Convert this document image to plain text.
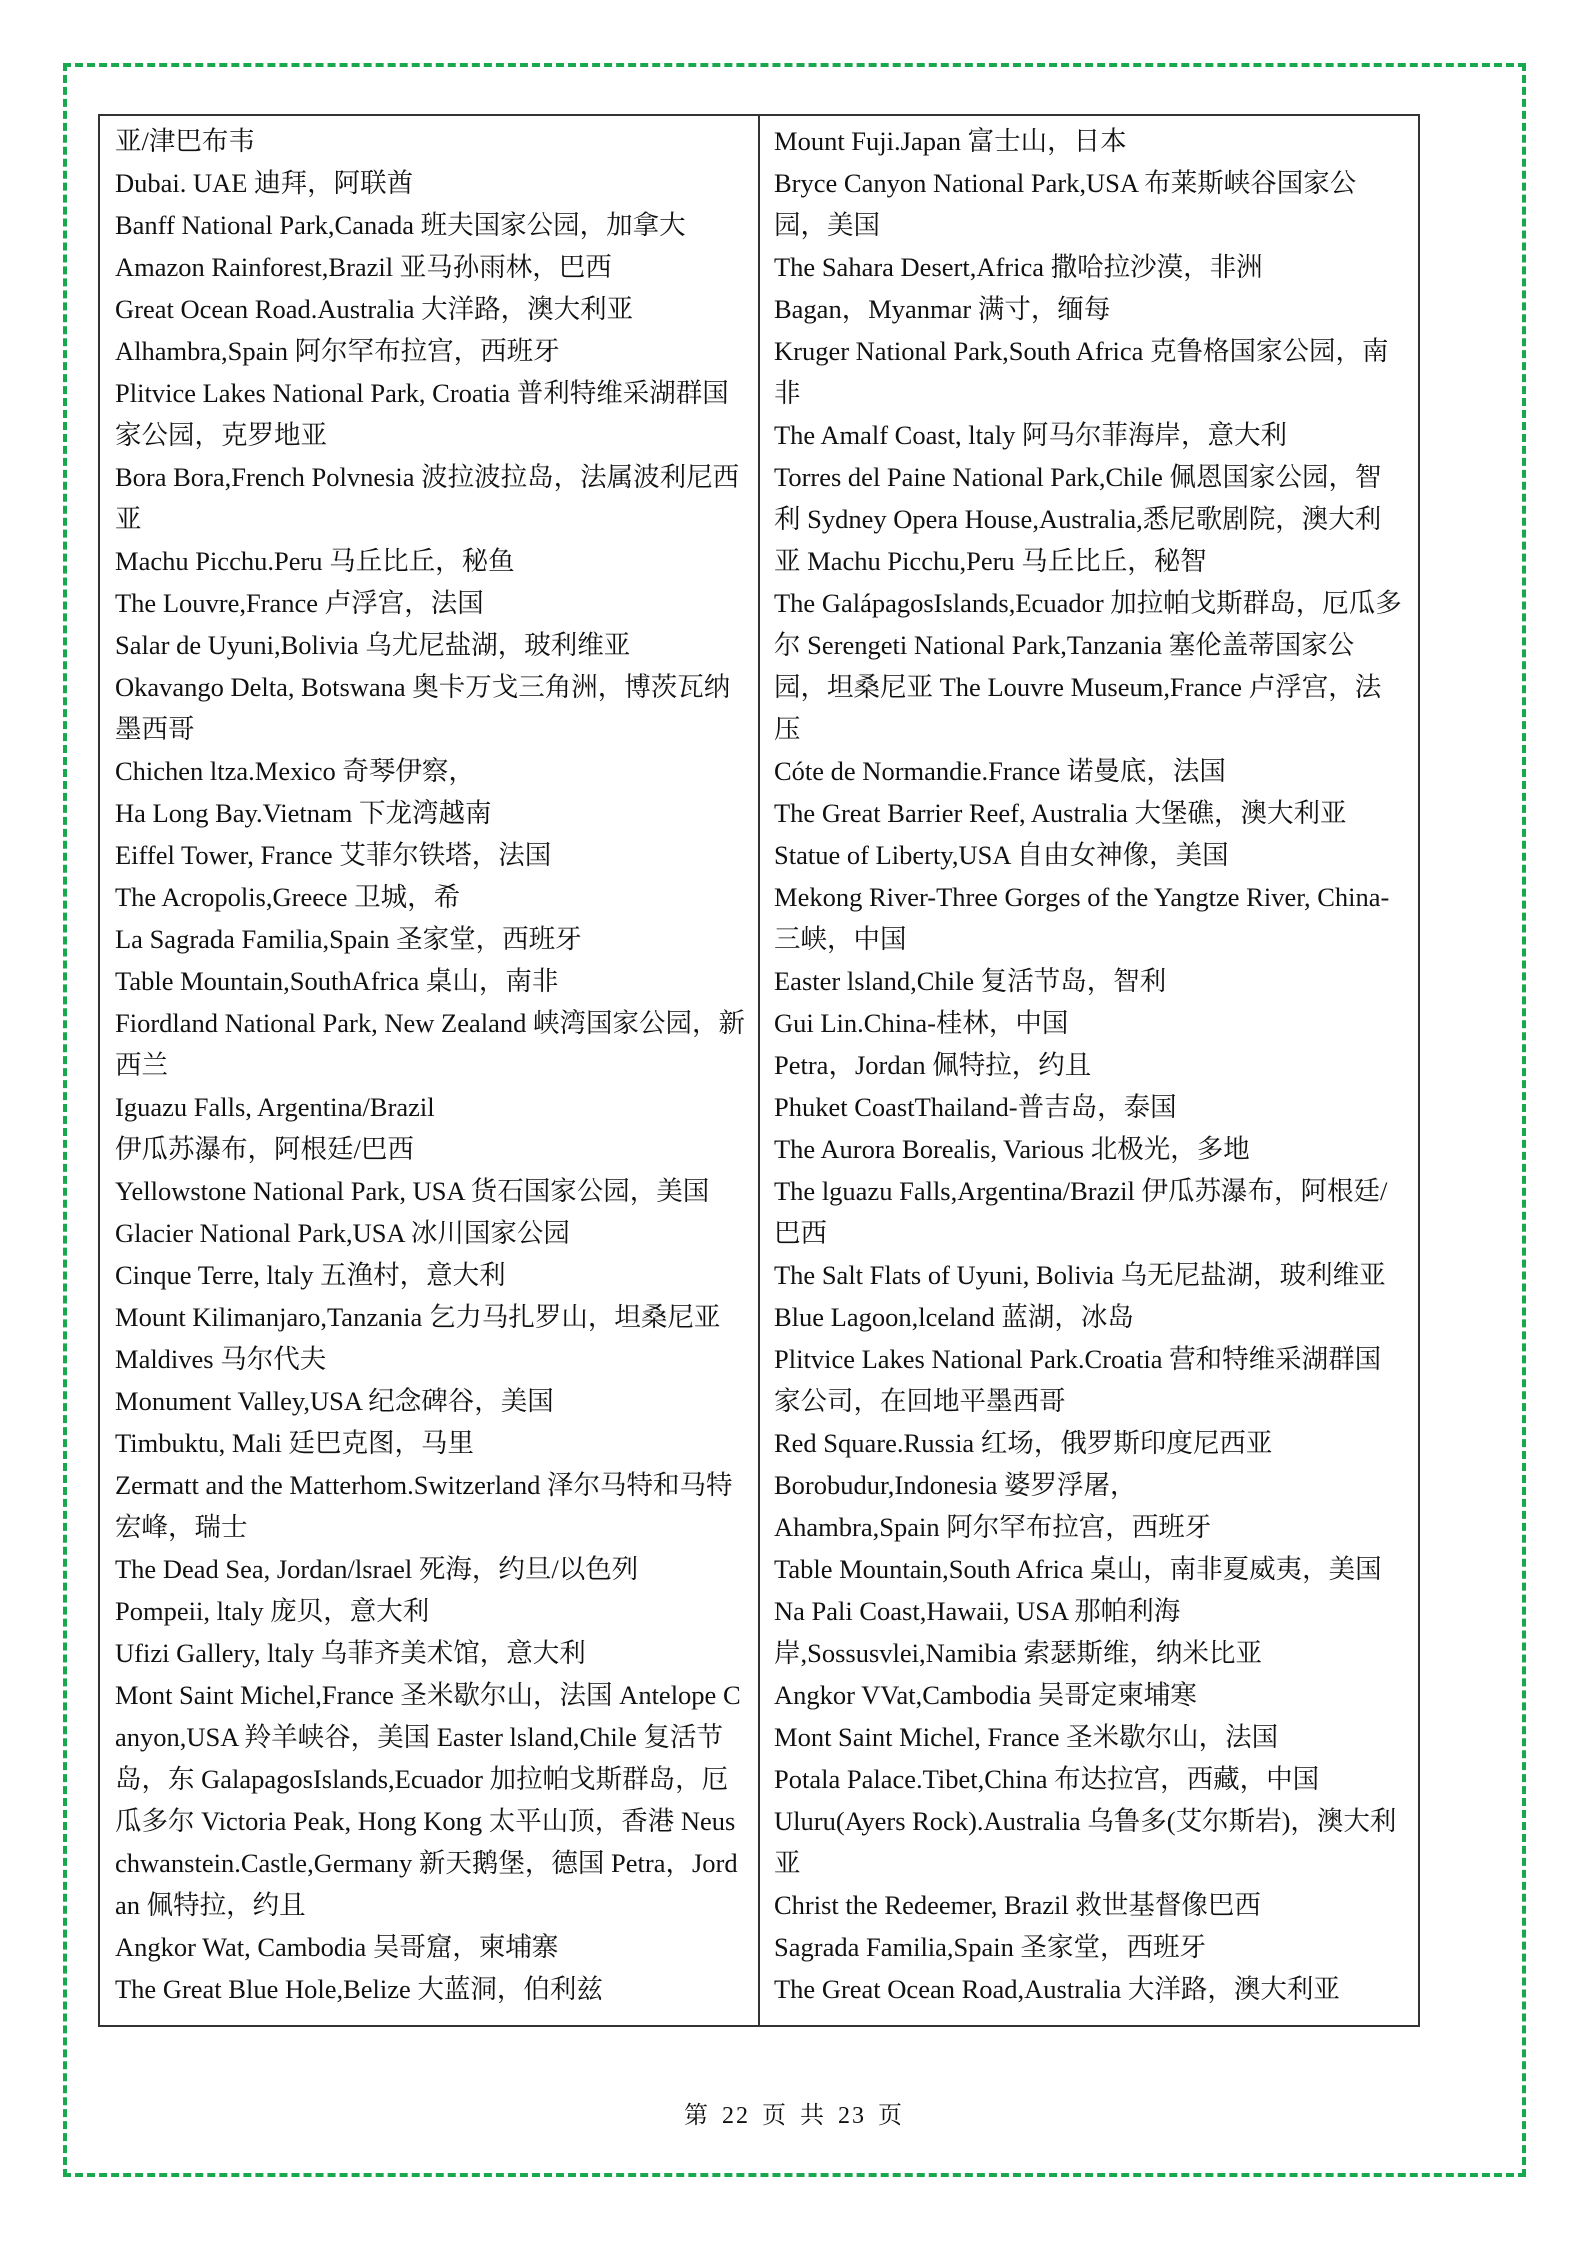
亚/津巴布韦

Dubai. UAE 迪拜，阿联酋

Banff National Park,Canada 班夫国家公园，加拿大

Amazon Rainforest,Brazil 亚马孙雨林，巴西

Great Ocean Road.Australia 大洋路，澳大利亚

Alhambra,Spain 阿尔罕布拉宫，西班牙

Plitvice Lakes National Park, Croatia 普利特维采湖群国家公园，克罗地亚

Bora Bora,French Polvnesia 波拉波拉岛，法属波利尼西亚

Machu Picchu.Peru 马丘比丘，秘鱼

The Louvre,France 卢浮宫，法国

Salar de Uyuni,Bolivia 乌尤尼盐湖，玻利维亚

Okavango Delta, Botswana 奥卡万戈三角洲，博茨瓦纳墨西哥

Chichen ltza.Mexico 奇琴伊察，

Ha Long Bay.Vietnam 下龙湾越南

Eiffel Tower, France 艾菲尔铁塔，法国

The Acropolis,Greece 卫城，希

La Sagrada Familia,Spain 圣家堂，西班牙

Table Mountain,SouthAfrica 桌山，南非

Fiordland National Park, New Zealand 峡湾国家公园，新西兰

Iguazu Falls, Argentina/Brazil

伊瓜苏瀑布，阿根廷/巴西

Yellowstone National Park, USA 货石国家公园，美国

Glacier National Park,USA 冰川国家公园

Cinque Terre, ltaly 五渔村，意大利

Mount Kilimanjaro,Tanzania 乞力马扎罗山，坦桑尼亚

Maldives 马尔代夫

Monument Valley,USA 纪念碑谷，美国

Timbuktu, Mali 廷巴克图，马里

Zermatt and the Matterhom.Switzerland 泽尔马特和马特宏峰，瑞士

The Dead Sea, Jordan/lsrael 死海，约旦/以色列

Pompeii, ltaly 庞贝，意大利

Ufizi Gallery, ltaly 乌菲齐美术馆，意大利

Mont Saint Michel,France 圣米歇尔山，法国 Antelope Canyon,USA 羚羊峡谷，美国 Easter lsland,Chile 复活节岛，东 GalapagosIslands,Ecuador 加拉帕戈斯群岛，厄瓜多尔 Victoria Peak, Hong Kong 太平山顶，香港 Neuschwanstein.Castle,Germany 新天鹅堡，德国 Petra，Jordan 佩特拉，约且

Angkor Wat, Cambodia 吴哥窟，柬埔寨

The Great Blue Hole,Belize 大蓝洞，伯利兹

Mount Fuji.Japan 富士山，日本

Bryce Canyon National Park,USA 布莱斯峡谷国家公园，美国

The Sahara Desert,Africa 撒哈拉沙漠，非洲

Bagan，Myanmar 满寸，缅每

Kruger National Park,South Africa 克鲁格国家公园，南非

The Amalf Coast, ltaly 阿马尔菲海岸，意大利

Torres del Paine National Park,Chile 佩恩国家公园，智利 Sydney Opera House,Australia,悉尼歌剧院，澳大利亚 Machu Picchu,Peru 马丘比丘，秘智

The GalápagosIslands,Ecuador 加拉帕戈斯群岛，厄瓜多尔 Serengeti National Park,Tanzania 塞伦盖蒂国家公园，坦桑尼亚 The Louvre Museum,France 卢浮宫，法压

Cóte de Normandie.France 诺曼底，法国

The Great Barrier Reef, Australia 大堡礁，澳大利亚

Statue of Liberty,USA 自由女神像，美国

Mekong River-Three Gorges of the Yangtze River, China-三峡，中国

Easter lsland,Chile 复活节岛，智利

Gui Lin.China-桂林，中国

Petra，Jordan 佩特拉，约且

Phuket CoastThailand-普吉岛，泰国

The Aurora Borealis, Various 北极光，多地

The lguazu Falls,Argentina/Brazil 伊瓜苏瀑布，阿根廷/巴西

The Salt Flats of Uyuni, Bolivia 乌无尼盐湖，玻利维亚 Blue Lagoon,lceland 蓝湖，冰岛

Plitvice Lakes National Park.Croatia 营和特维采湖群国家公司，在回地平墨西哥

Red Square.Russia 红场，俄罗斯印度尼西亚

Borobudur,Indonesia 婆罗浮屠，

Ahambra,Spain 阿尔罕布拉宫，西班牙

Table Mountain,South Africa 桌山，南非夏威夷，美国

Na Pali Coast,Hawaii, USA 那帕利海

岸,Sossusvlei,Namibia 索瑟斯维，纳米比亚

Angkor VVat,Cambodia 吴哥定柬埔寒

Mont Saint Michel, France 圣米歇尔山，法国

Potala Palace.Tibet,China 布达拉宫，西藏，中国

Uluru(Ayers Rock).Australia 乌鲁多(艾尔斯岩)，澳大利亚

Christ the Redeemer, Brazil 救世基督像巴西

Sagrada Familia,Spain 圣家堂，西班牙

The Great Ocean Road,Australia 大洋路，澳大利亚

第 22 页 共 23 页
